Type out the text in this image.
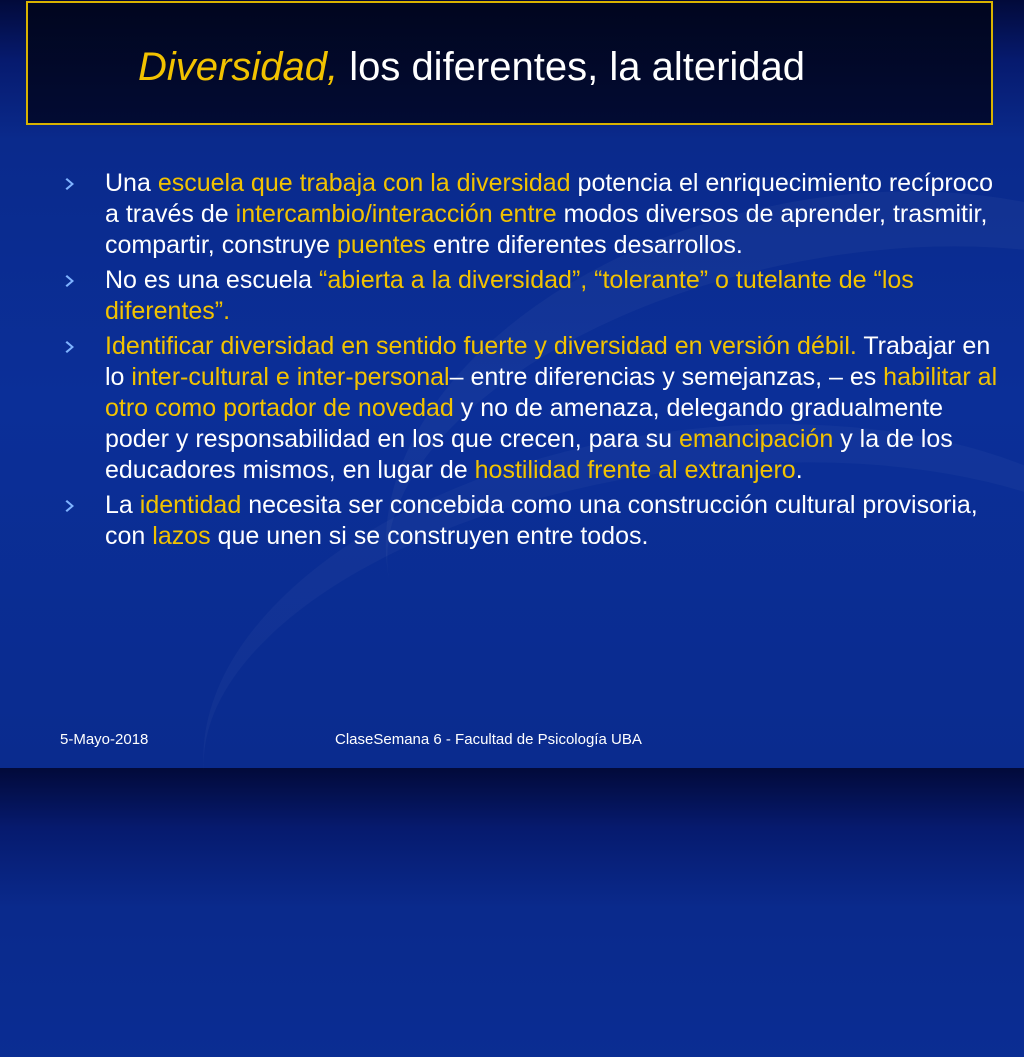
Diversidad, los diferentes, la alteridad
Una escuela que trabaja con la diversidad potencia el enriquecimiento recíproco a través de intercambio/interacción entre modos diversos de aprender, trasmitir, compartir, construye puentes entre diferentes desarrollos.
No es una escuela “abierta a la diversidad”, “tolerante” o tutelante de “los diferentes”.
Identificar diversidad en sentido fuerte y diversidad en versión débil. Trabajar en lo inter-cultural e inter-personal– entre diferencias y semejanzas, – es habilitar al otro como portador de novedad y no de amenaza, delegando gradualmente poder y responsabilidad en los que crecen, para su emancipación y la de los educadores mismos, en lugar de hostilidad frente al extranjero.
La identidad necesita ser concebida como una construcción cultural provisoria, con lazos que unen si se construyen entre todos.
5-Mayo-2018	ClaseSemana 6 - Facultad de Psicología UBA
